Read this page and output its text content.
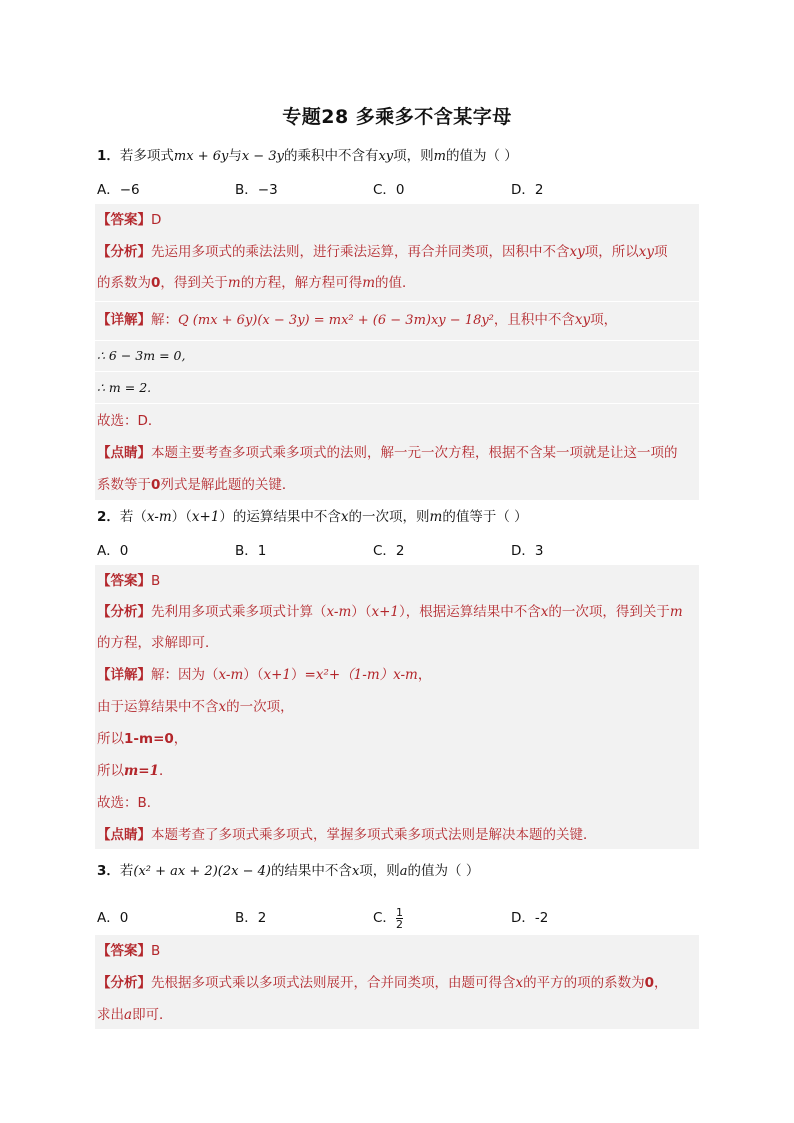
专题28 多乘多不含某字母
1．若多项式mx + 6y与x − 3y的乘积中不含有xy项，则m的值为（ ）
A．−6	B．−3	C．0	D．2
【答案】D
【分析】先运用多项式的乘法法则，进行乘法运算，再合并同类项，因积中不含xy项，所以xy项
的系数为0，得到关于m的方程，解方程可得m的值．
【详解】解：Q (mx + 6y)(x − 3y) = mx² + (6 − 3m)xy − 18y²，且积中不含xy项，
∴ 6 − 3m = 0,
∴ m = 2.
故选：D．
【点睛】本题主要考查多项式乘多项式的法则，解一元一次方程，根据不含某一项就是让这一项的
系数等于0列式是解此题的关键．
2．若（x-m）（x+1）的运算结果中不含x的一次项，则m的值等于（ ）
A．0	B．1	C．2	D．3
【答案】B
【分析】先利用多项式乘多项式计算（x-m）（x+1），根据运算结果中不含x的一次项，得到关于m
的方程，求解即可．
【详解】解：因为（x-m）（x+1）=x²+（1-m）x-m，
由于运算结果中不含x的一次项，
所以1-m=0，
所以m=1．
故选：B．
【点睛】本题考查了多项式乘多项式，掌握多项式乘多项式法则是解决本题的关键．
3．若(x² + ax + 2)(2x − 4)的结果中不含x项，则a的值为（ ）
A．0	B．2	C． $\frac{1}{2}$	D．-2
【答案】B
【分析】先根据多项式乘以多项式法则展开，合并同类项，由题可得含x的平方的项的系数为0，
求出a即可．
